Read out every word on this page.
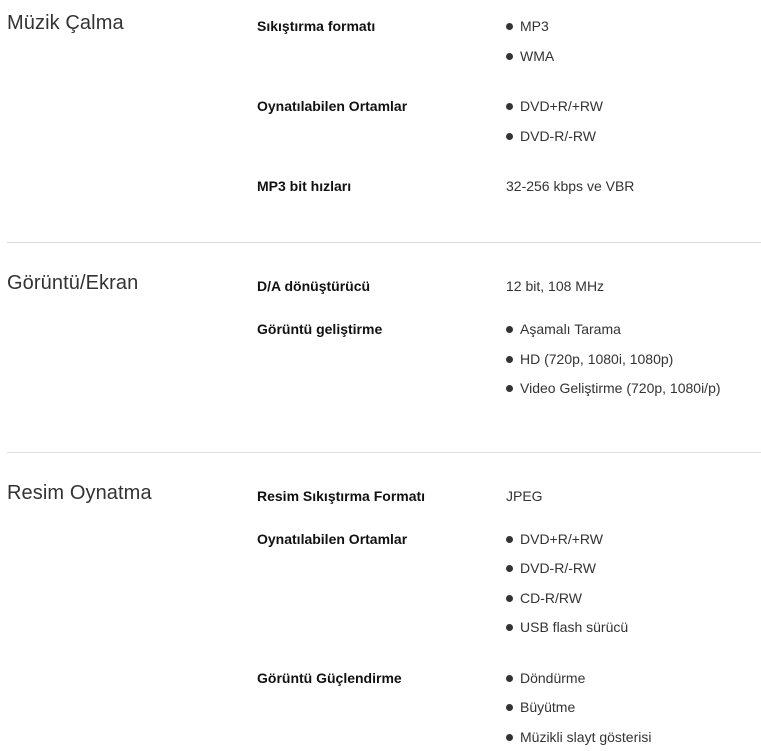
Müzik Çalma	Sıkıştırma formatı	MP3
WMA
Oynatılabilen Ortamlar	DVD+R/+RW
DVD-R/-RW
MP3 bit hızları	32-256 kbps ve VBR
Görüntü/Ekran	D/A dönüştürücü	12 bit, 108 MHz
Görüntü geliştirme	Aşamalı Tarama
HD (720p, 1080i, 1080p)
Video Geliştirme (720p, 1080i/p)
Resim Oynatma	Resim Sıkıştırma Formatı	JPEG
Oynatılabilen Ortamlar	DVD+R/+RW
DVD-R/-RW
CD-R/RW
USB flash sürücü
Görüntü Güçlendirme	Döndürme
Büyütme
Müzikli slayt gösterisi
